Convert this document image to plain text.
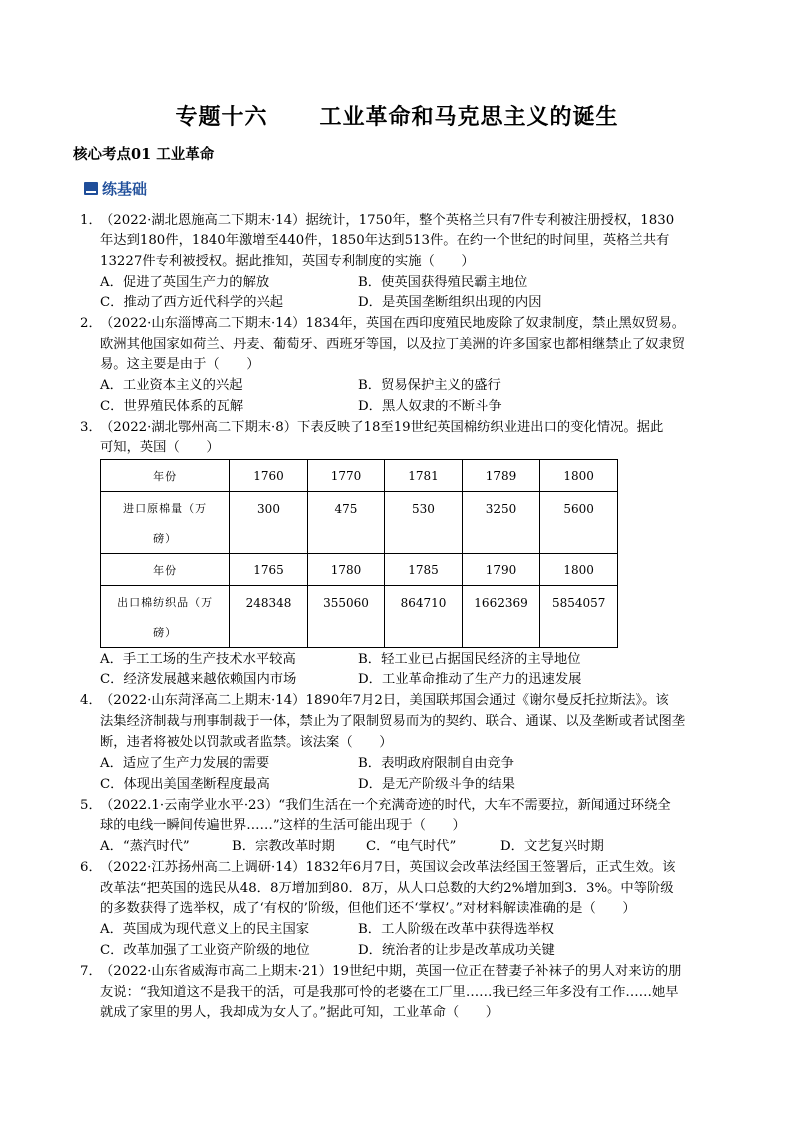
专题十六      工业革命和马克思主义的诞生
核心考点01 工业革命
练基础
1．
（2022·湖北恩施高二下期末·14）据统计，1750年，整个英格兰只有7件专利被注册授权，1830
年达到180件，1840年激增至440件，1850年达到513件。在约一个世纪的时间里，英格兰共有
13227件专利被授权。据此推知，英国专利制度的实施（　　）
A．促进了英国生产力的解放	B．使英国获得殖民霸主地位
C．推动了西方近代科学的兴起	D．是英国垄断组织出现的内因
2．
（2022·山东淄博高二下期末·14）1834年，英国在西印度殖民地废除了奴隶制度，禁止黑奴贸易。
欧洲其他国家如荷兰、丹麦、葡萄牙、西班牙等国，以及拉丁美洲的许多国家也都相继禁止了奴隶贸
易。这主要是由于（　　）
A．工业资本主义的兴起	B．贸易保护主义的盛行
C．世界殖民体系的瓦解	D．黑人奴隶的不断斗争
3．
（2022·湖北鄂州高二下期末·8）下表反映了18至19世纪英国棉纺织业进出口的变化情况。据此
可知，英国（　　）
年份	1760	1770	1781	1789	1800

进口原棉量（万
磅）	300	475	530	3250	5600
年份	1765	1780	1785	1790	1800

出口棉纺织品（万
磅）	248348	355060	864710	1662369	5854057
A．手工工场的生产技术水平较高	B．轻工业已占据国民经济的主导地位
C．经济发展越来越依赖国内市场	D．工业革命推动了生产力的迅速发展
4．
（2022·山东菏泽高二上期末·14）1890年7月2日，美国联邦国会通过《谢尔曼反托拉斯法》。该
法集经济制裁与刑事制裁于一体，禁止为了限制贸易而为的契约、联合、通谋、以及垄断或者试图垄
断，违者将被处以罚款或者监禁。该法案（　　）
A．适应了生产力发展的需要	B．表明政府限制自由竞争
C．体现出美国垄断程度最高	D．是无产阶级斗争的结果
5．
（2022.1·云南学业水平·23）“我们生活在一个充满奇迹的时代，大车不需要拉，新闻通过环绕全
球的电线一瞬间传遍世界……”这样的生活可能出现于（　　）
A．“蒸汽时代”	B．宗教改革时期 C．“电气时代”	D．文艺复兴时期
6．
（2022·江苏扬州高二上调研·14）1832年6月7日，英国议会改革法经国王签署后，正式生效。该
改革法“把英国的选民从48．8万增加到80．8万，从人口总数的大约2%增加到3．3%。中等阶级
的多数获得了选举权，成了‘有权的’阶级，但他们还不‘掌权’。”对材料解读准确的是（　　）
A．英国成为现代意义上的民主国家	B．工人阶级在改革中获得选举权
C．改革加强了工业资产阶级的地位	D．统治者的让步是改革成功关键
7．
（2022·山东省威海市高二上期末·21）19世纪中期，英国一位正在替妻子补袜子的男人对来访的朋
友说：“我知道这不是我干的活，可是我那可怜的老婆在工厂里……我已经三年多没有工作……她早
就成了家里的男人，我却成为女人了。”据此可知，工业革命（　　）
